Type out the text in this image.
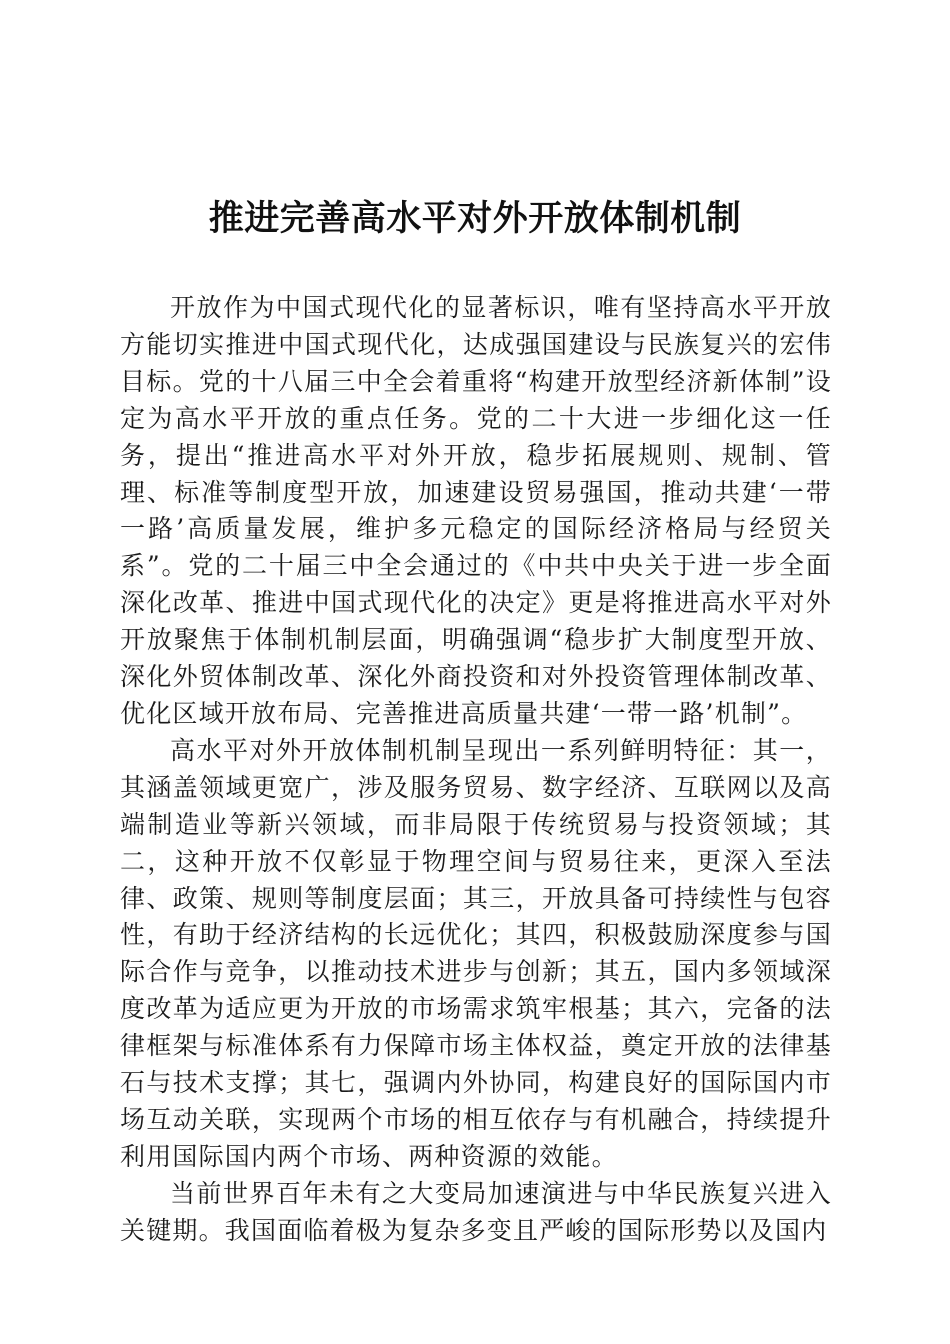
推进完善高水平对外开放体制机制

开放作为中国式现代化的显著标识，唯有坚持高水平开放方能切实推进中国式现代化，达成强国建设与民族复兴的宏伟目标。党的十八届三中全会着重将“构建开放型经济新体制”设定为高水平开放的重点任务。党的二十大进一步细化这一任务，提出“推进高水平对外开放，稳步拓展规则、规制、管理、标准等制度型开放，加速建设贸易强国，推动共建‘一带一路’高质量发展，维护多元稳定的国际经济格局与经贸关系”。党的二十届三中全会通过的《中共中央关于进一步全面深化改革、推进中国式现代化的决定》更是将推进高水平对外开放聚焦于体制机制层面，明确强调“稳步扩大制度型开放、深化外贸体制改革、深化外商投资和对外投资管理体制改革、优化区域开放布局、完善推进高质量共建‘一带一路’机制”。

高水平对外开放体制机制呈现出一系列鲜明特征：其一，其涵盖领域更宽广，涉及服务贸易、数字经济、互联网以及高端制造业等新兴领域，而非局限于传统贸易与投资领域；其二，这种开放不仅彰显于物理空间与贸易往来，更深入至法律、政策、规则等制度层面；其三，开放具备可持续性与包容性，有助于经济结构的长远优化；其四，积极鼓励深度参与国际合作与竞争，以推动技术进步与创新；其五，国内多领域深度改革为适应更为开放的市场需求筑牢根基；其六，完备的法律框架与标准体系有力保障市场主体权益，奠定开放的法律基石与技术支撑；其七，强调内外协同，构建良好的国际国内市场互动关联，实现两个市场的相互依存与有机融合，持续提升利用国际国内两个市场、两种资源的效能。

当前世界百年未有之大变局加速演进与中华民族复兴进入关键期。我国面临着极为复杂多变且严峻的国际形势以及国内
